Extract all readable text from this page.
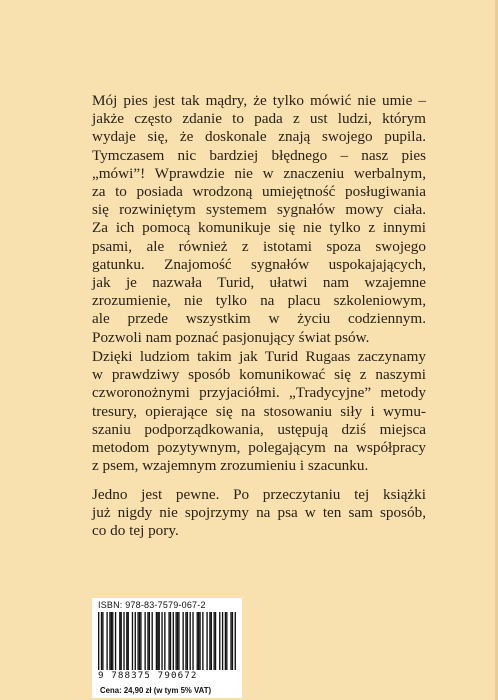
Mój pies jest tak mądry, że tylko mówić nie umie –
jakże często zdanie to pada z ust ludzi, którym
wydaje się, że doskonale znają swojego pupila.
Tymczasem nic bardziej błędnego – nasz pies
„mówi”! Wprawdzie nie w znaczeniu werbalnym,
za to posiada wrodzoną umiejętność posługiwania
się rozwiniętym systemem sygnałów mowy ciała.
Za ich pomocą komunikuje się nie tylko z innymi
psami, ale również z istotami spoza swojego
gatunku. Znajomość sygnałów uspokajających,
jak je nazwała Turid, ułatwi nam wzajemne
zrozumienie, nie tylko na placu szkoleniowym,
ale przede wszystkim w życiu codziennym.
Pozwoli nam poznać pasjonujący świat psów.
Dzięki ludziom takim jak Turid Rugaas zaczynamy
w prawdziwy sposób komunikować się z naszymi
czworonożnymi przyjaciółmi. „Tradycyjne” metody
tresury, opierające się na stosowaniu siły i wymu-
szaniu podporządkowania, ustępują dziś miejsca
metodom pozytywnym, polegającym na współpracy
z psem, wzajemnym zrozumieniu i szacunku.
Jedno jest pewne. Po przeczytaniu tej książki
już nigdy nie spojrzymy na psa w ten sam sposób,
co do tej pory.
ISBN: 978-83-7579-067-2
9 788375 790672
Cena: 24,90 zł (w tym 5% VAT)
